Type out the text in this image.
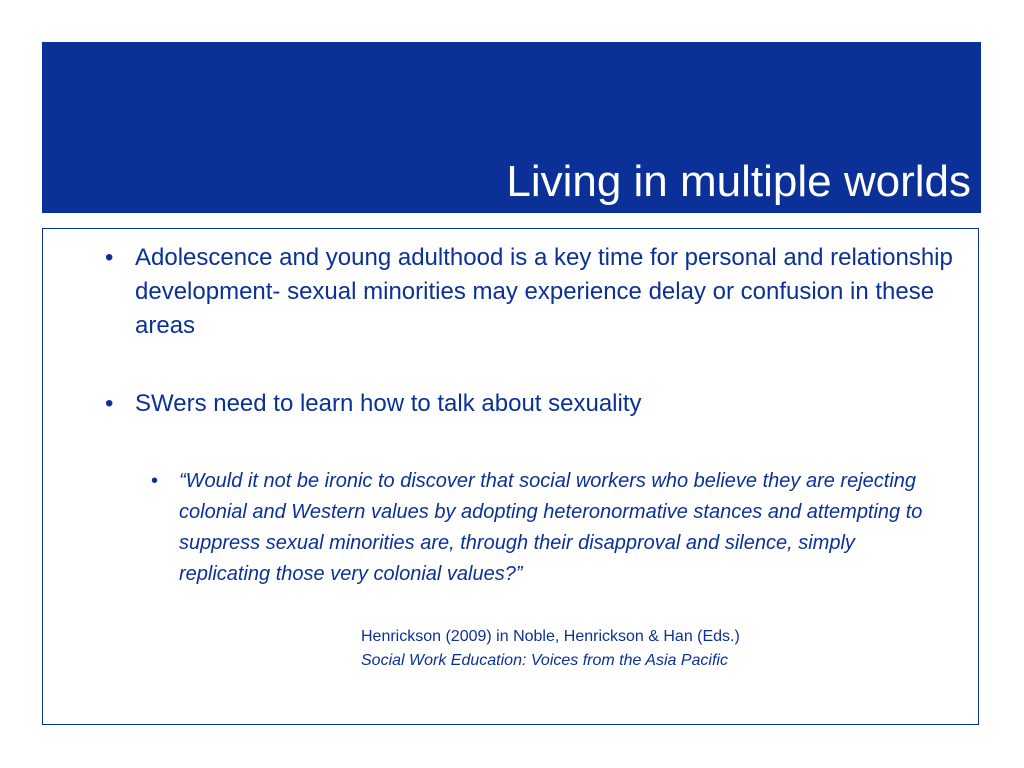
Living in multiple worlds
• Adolescence and young adulthood is a key time for personal and relationship development- sexual minorities may experience delay or confusion in these areas
• SWers need to learn how to talk about sexuality
• “Would it not be ironic to discover that social workers who believe they are rejecting colonial and Western values by adopting heteronormative stances and attempting to suppress sexual minorities are, through their disapproval and silence, simply replicating those very colonial values?”
Henrickson (2009) in Noble, Henrickson & Han (Eds.)
Social Work Education: Voices from the Asia Pacific
